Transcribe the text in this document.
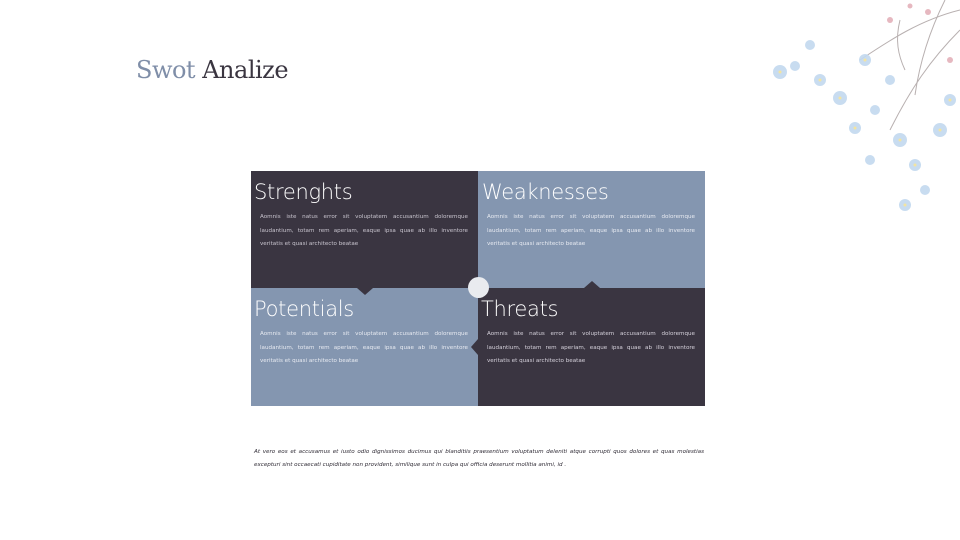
Swot Analize
Strenghts
Aomnis iste natus error sit voluptatem accusantium doloremque laudantium, totam rem aperiam, eaque ipsa quae ab illo inventore veritatis et quasi architecto beatae
Weaknesses
Aomnis iste natus error sit voluptatem accusantium doloremque laudantium, totam rem aperiam, eaque ipsa quae ab illo inventore veritatis et quasi architecto beatae
Potentials
Aomnis iste natus error sit voluptatem accusantium doloremque laudantium, totam rem aperiam, eaque ipsa quae ab illo inventore veritatis et quasi architecto beatae
Threats
Aomnis iste natus error sit voluptatem accusantium doloremque laudantium, totam rem aperiam, eaque ipsa quae ab illo inventore veritatis et quasi architecto beatae
At vero eos et accusamus et iusto odio dignissimos ducimus qui blanditiis praesentium voluptatum deleniti atque corrupti quos dolores et quas molestias excepturi sint occaecati cupiditate non provident, similique sunt in culpa qui officia deserunt mollitia animi, id .
